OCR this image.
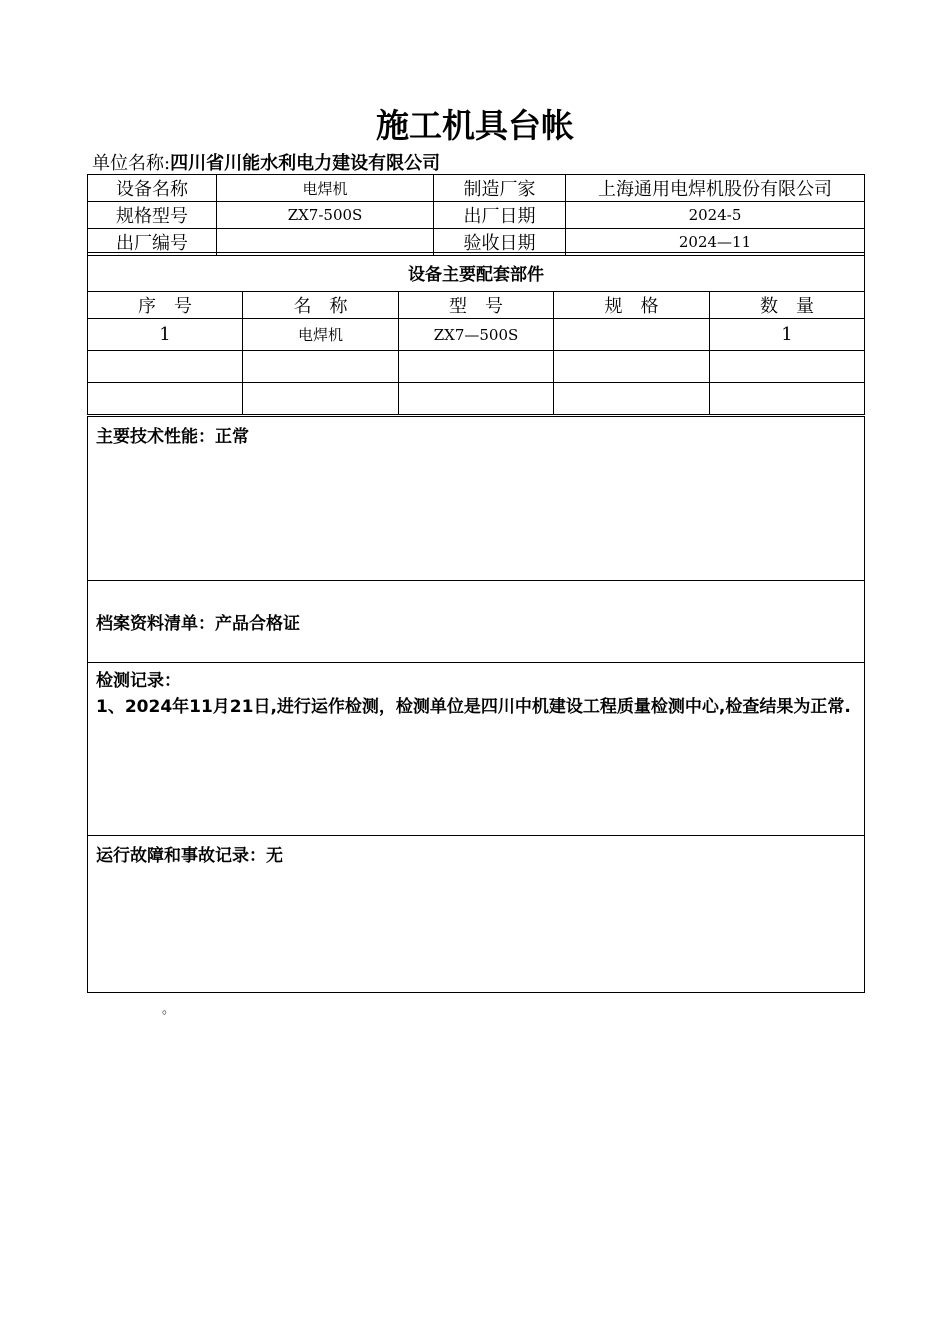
施工机具台帐
单位名称:四川省川能水利电力建设有限公司
设备名称	电焊机	制造厂家	上海通用电焊机股份有限公司
规格型号	ZX7-500S	出厂日期	2024-5
出厂编号		验收日期	2024—11
设备主要配套部件				
序　号	名　称	型　号	规　格	数　量
1	电焊机	ZX7—500S		1

主要技术性能：正常
档案资料清单：产品合格证

检测记录：
1、2024年11月21日,进行运作检测，检测单位是四川中机建设工程质量检测中心,检查结果为正常.

运行故障和事故记录：无
。
